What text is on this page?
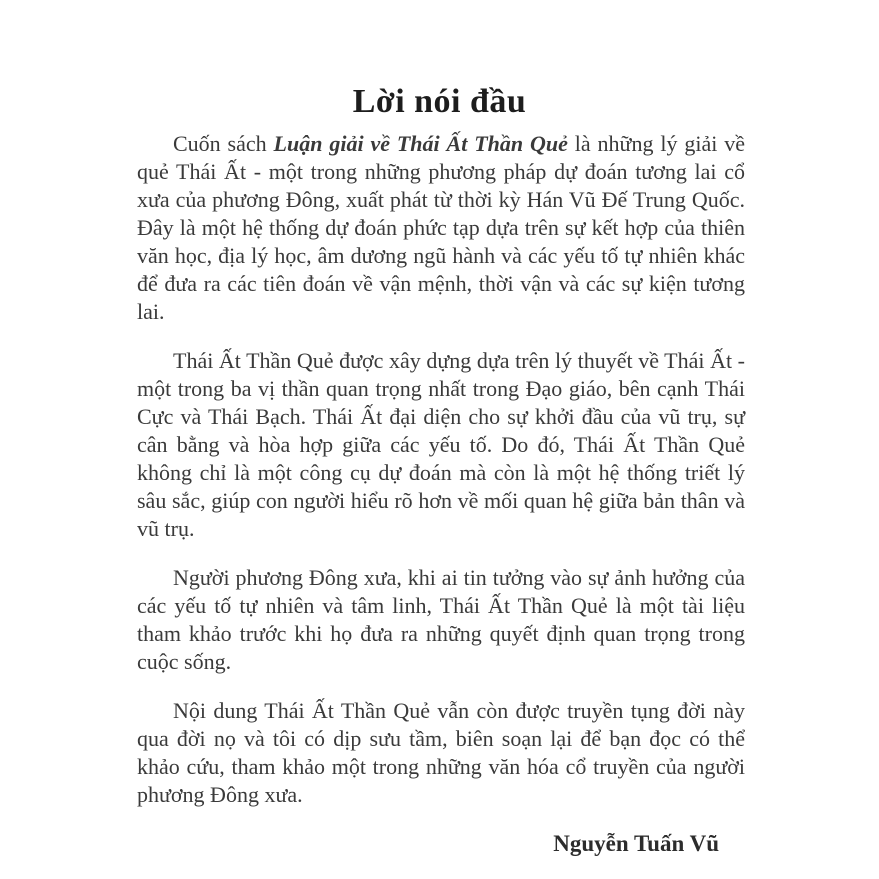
Lời nói đầu

Cuốn sách Luận giải về Thái Ất Thần Quẻ là những lý giải về quẻ Thái Ất - một trong những phương pháp dự đoán tương lai cổ xưa của phương Đông, xuất phát từ thời kỳ Hán Vũ Đế Trung Quốc. Đây là một hệ thống dự đoán phức tạp dựa trên sự kết hợp của thiên văn học, địa lý học, âm dương ngũ hành và các yếu tố tự nhiên khác để đưa ra các tiên đoán về vận mệnh, thời vận và các sự kiện tương lai.

Thái Ất Thần Quẻ được xây dựng dựa trên lý thuyết về Thái Ất - một trong ba vị thần quan trọng nhất trong Đạo giáo, bên cạnh Thái Cực và Thái Bạch. Thái Ất đại diện cho sự khởi đầu của vũ trụ, sự cân bằng và hòa hợp giữa các yếu tố. Do đó, Thái Ất Thần Quẻ không chỉ là một công cụ dự đoán mà còn là một hệ thống triết lý sâu sắc, giúp con người hiểu rõ hơn về mối quan hệ giữa bản thân và vũ trụ.

Người phương Đông xưa, khi ai tin tưởng vào sự ảnh hưởng của các yếu tố tự nhiên và tâm linh, Thái Ất Thần Quẻ là một tài liệu tham khảo trước khi họ đưa ra những quyết định quan trọng trong cuộc sống.

Nội dung Thái Ất Thần Quẻ vẫn còn được truyền tụng đời này qua đời nọ và tôi có dịp sưu tầm, biên soạn lại để bạn đọc có thể khảo cứu, tham khảo một trong những văn hóa cổ truyền của người phương Đông xưa.

Nguyễn Tuấn Vũ
